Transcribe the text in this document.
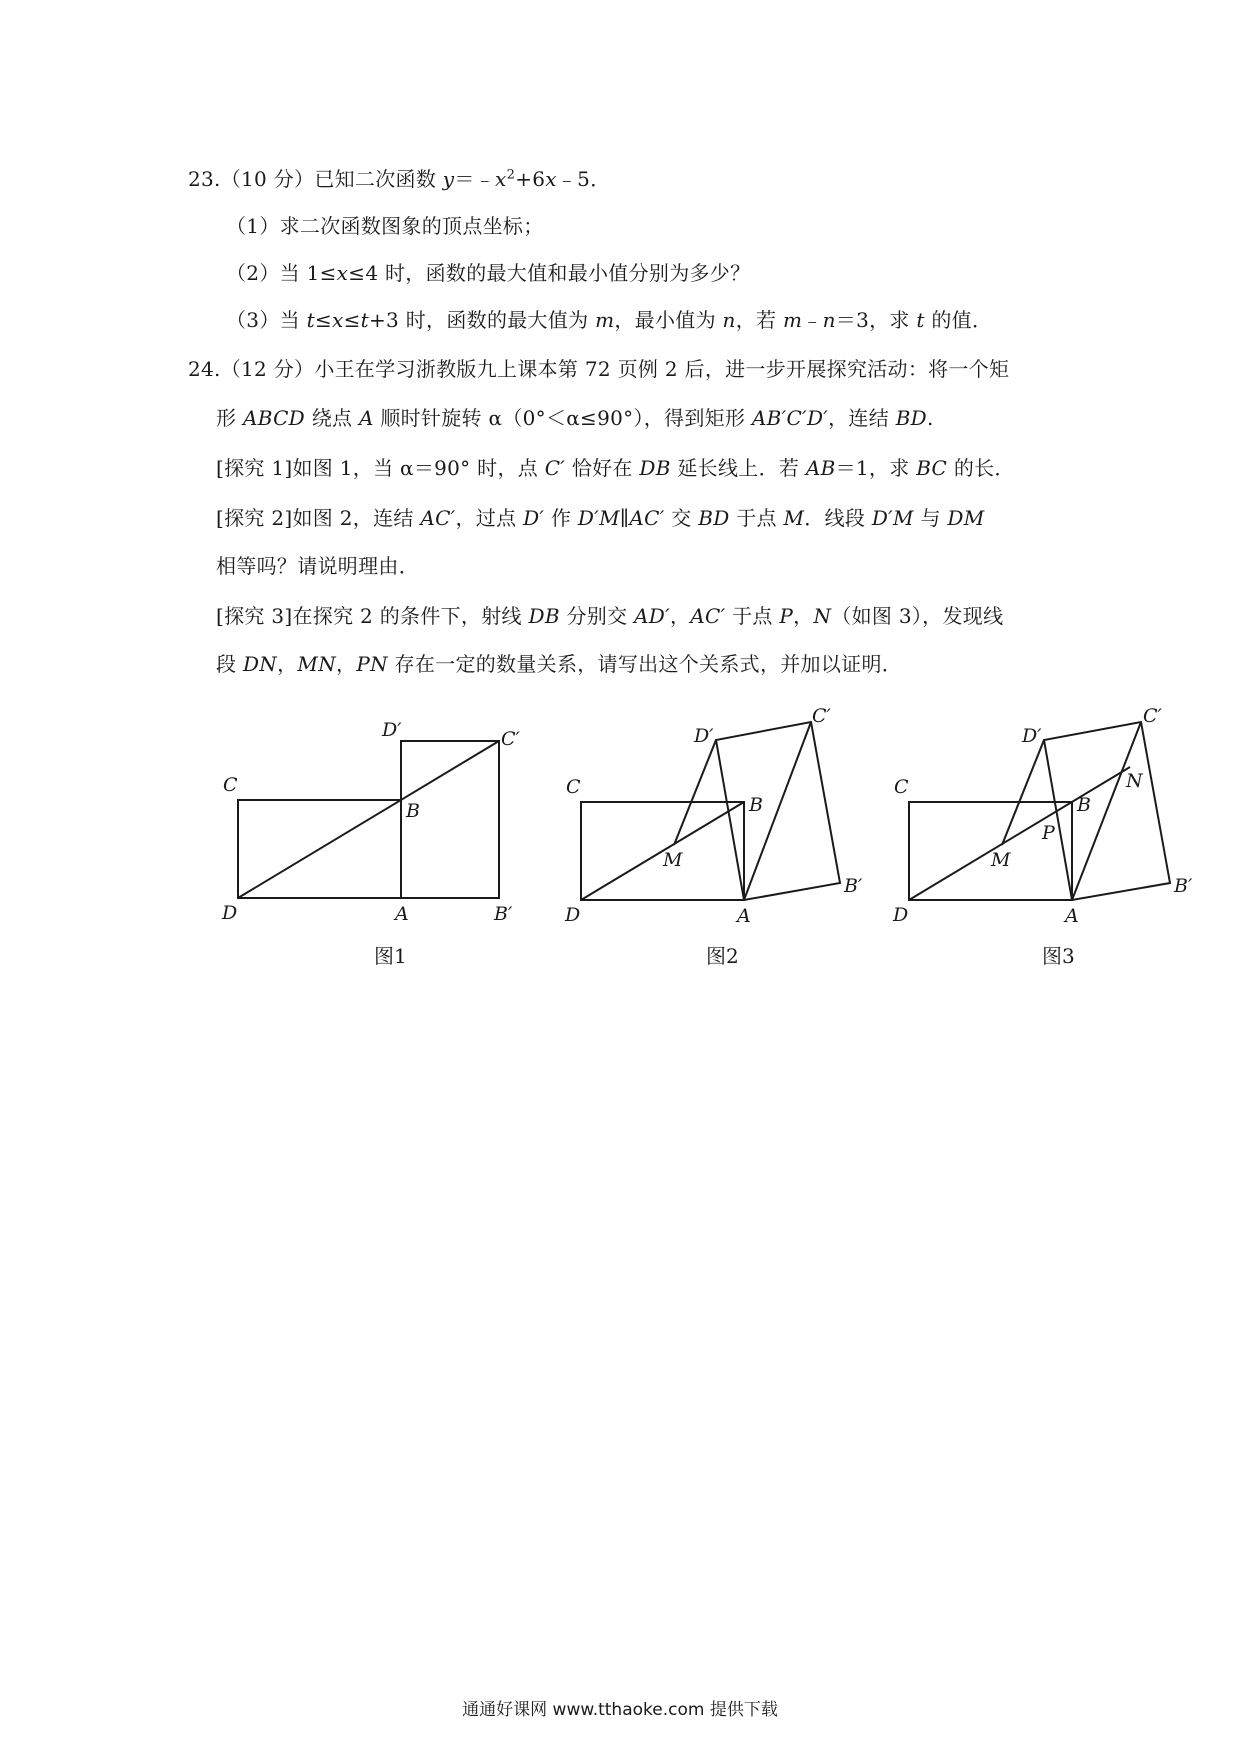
23.（10 分）已知二次函数 $y=﹣x^2+6x﹣5$．
（1）求二次函数图象的顶点坐标；
（2）当 1≤x≤4 时，函数的最大值和最小值分别为多少？
（3）当 t≤x≤t+3 时，函数的最大值为 m，最小值为 n，若 m﹣n＝3，求 t 的值．
24.（12 分）小王在学习浙教版九上课本第 72 页例 2 后，进一步开展探究活动：将一个矩
形 ABCD 绕点 A 顺时针旋转 α（0°＜α≤90°），得到矩形 AB′C′D′，连结 BD.
[探究 1]如图 1，当 α＝90° 时，点 C′ 恰好在 DB 延长线上．若 AB＝1，求 BC 的长．
[探究 2]如图 2，连结 AC′，过点 D′ 作 D′M∥AC′ 交 BD 于点 M．线段 D′M 与 DM
相等吗？请说明理由．
[探究 3]在探究 2 的条件下，射线 DB 分别交 AD′，AC′ 于点 P，N（如图 3），发现线
段 DN，MN，PN 存在一定的数量关系，请写出这个关系式，并加以证明．
C
D	A
B
B′
C′
D′
C
D	A
B
B′
C′
D′
M
C
D	A
B
B′
C′
D′
M
P
N
图1	图2	图3
通通好课网 www.tthaoke.com 提供下载
